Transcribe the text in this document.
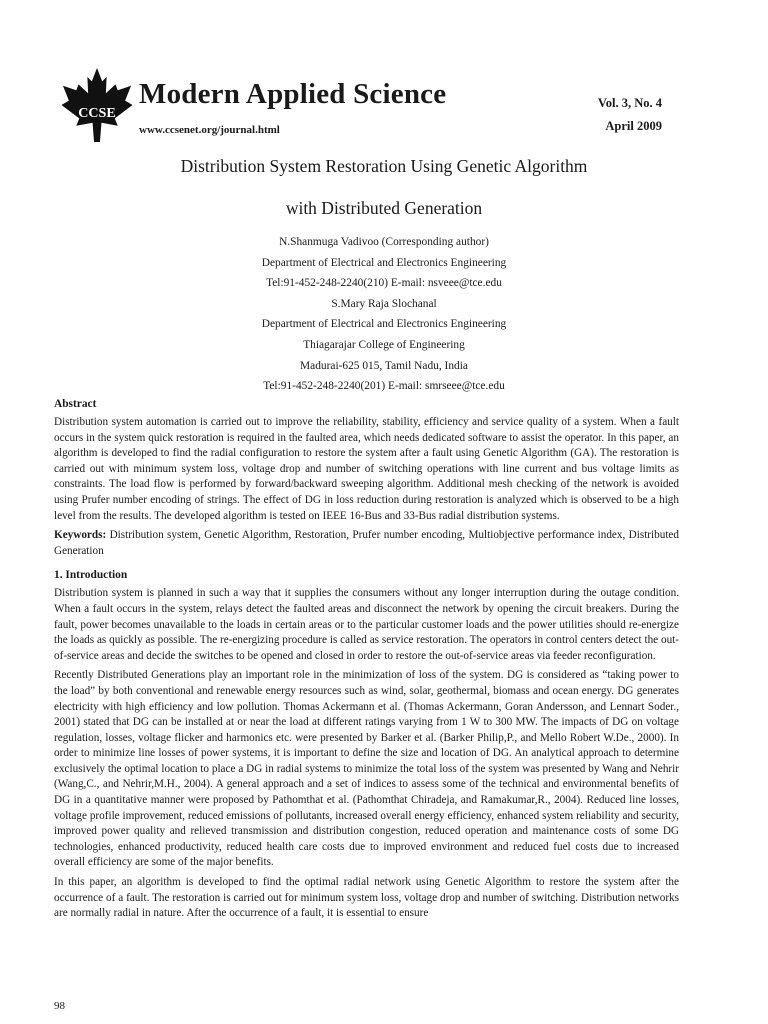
CCSE
Modern Applied Science
www.ccsenet.org/journal.html
Vol. 3, No. 4
April 2009
Distribution System Restoration Using Genetic Algorithm
with Distributed Generation
N.Shanmuga Vadivoo (Corresponding author)
Department of Electrical and Electronics Engineering
Tel:91-452-248-2240(210) E-mail: nsveee@tce.edu
S.Mary Raja Slochanal
Department of Electrical and Electronics Engineering
Thiagarajar College of Engineering
Madurai-625 015, Tamil Nadu, India
Tel:91-452-248-2240(201) E-mail: smrseee@tce.edu
Abstract

Distribution system automation is carried out to improve the reliability, stability, efficiency and service quality of a system. When a fault occurs in the system quick restoration is required in the faulted area, which needs dedicated software to assist the operator. In this paper, an algorithm is developed to find the radial configuration to restore the system after a fault using Genetic Algorithm (GA). The restoration is carried out with minimum system loss, voltage drop and number of switching operations with line current and bus voltage limits as constraints. The load flow is performed by forward/backward sweeping algorithm. Additional mesh checking of the network is avoided using Prufer number encoding of strings. The effect of DG in loss reduction during restoration is analyzed which is observed to be a high level from the results. The developed algorithm is tested on IEEE 16-Bus and 33-Bus radial distribution systems.

Keywords: Distribution system, Genetic Algorithm, Restoration, Prufer number encoding, Multiobjective performance index, Distributed Generation

1. Introduction

Distribution system is planned in such a way that it supplies the consumers without any longer interruption during the outage condition. When a fault occurs in the system, relays detect the faulted areas and disconnect the network by opening the circuit breakers. During the fault, power becomes unavailable to the loads in certain areas or to the particular customer loads and the power utilities should re-energize the loads as quickly as possible. The re-energizing procedure is called as service restoration. The operators in control centers detect the out-of-service areas and decide the switches to be opened and closed in order to restore the out-of-service areas via feeder reconfiguration.

Recently Distributed Generations play an important role in the minimization of loss of the system. DG is considered as “taking power to the load” by both conventional and renewable energy resources such as wind, solar, geothermal, biomass and ocean energy. DG generates electricity with high efficiency and low pollution. Thomas Ackermann et al. (Thomas Ackermann, Goran Andersson, and Lennart Soder., 2001) stated that DG can be installed at or near the load at different ratings varying from 1 W to 300 MW. The impacts of DG on voltage regulation, losses, voltage flicker and harmonics etc. were presented by Barker et al. (Barker Philip,P., and Mello Robert W.De., 2000). In order to minimize line losses of power systems, it is important to define the size and location of DG. An analytical approach to determine exclusively the optimal location to place a DG in radial systems to minimize the total loss of the system was presented by Wang and Nehrir (Wang,C., and Nehrir,M.H., 2004). A general approach and a set of indices to assess some of the technical and environmental benefits of DG in a quantitative manner were proposed by Pathomthat et al. (Pathomthat Chiradeja, and Ramakumar,R., 2004). Reduced line losses, voltage profile improvement, reduced emissions of pollutants, increased overall energy efficiency, enhanced system reliability and security, improved power quality and relieved transmission and distribution congestion, reduced operation and maintenance costs of some DG technologies, enhanced productivity, reduced health care costs due to improved environment and reduced fuel costs due to increased overall efficiency are some of the major benefits.

In this paper, an algorithm is developed to find the optimal radial network using Genetic Algorithm to restore the system after the occurrence of a fault. The restoration is carried out for minimum system loss, voltage drop and number of switching. Distribution networks are normally radial in nature. After the occurrence of a fault, it is essential to ensure

98
